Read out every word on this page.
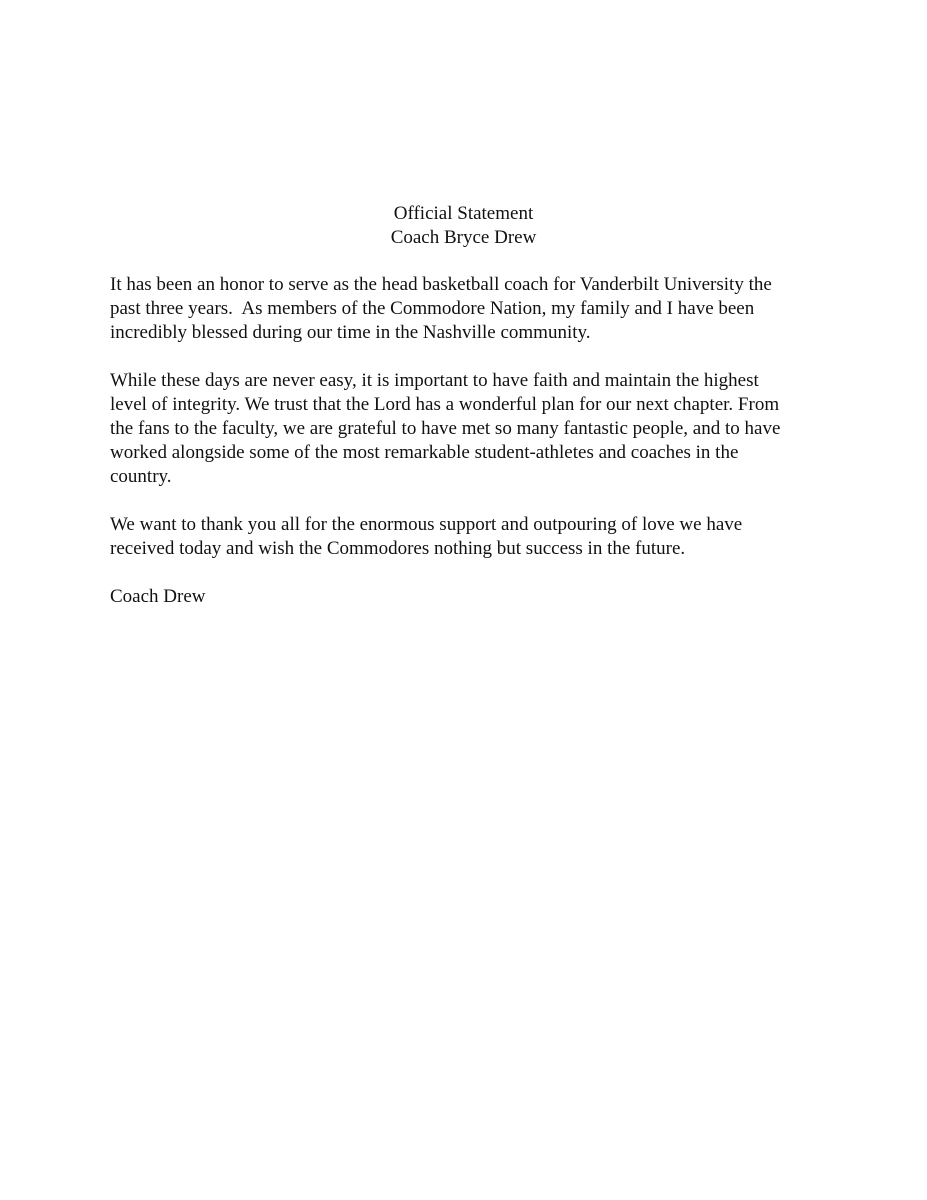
Official Statement
Coach Bryce Drew

It has been an honor to serve as the head basketball coach for Vanderbilt University the
past three years.  As members of the Commodore Nation, my family and I have been
incredibly blessed during our time in the Nashville community.

While these days are never easy, it is important to have faith and maintain the highest
level of integrity. We trust that the Lord has a wonderful plan for our next chapter. From
the fans to the faculty, we are grateful to have met so many fantastic people, and to have
worked alongside some of the most remarkable student-athletes and coaches in the
country.

We want to thank you all for the enormous support and outpouring of love we have
received today and wish the Commodores nothing but success in the future.

Coach Drew
